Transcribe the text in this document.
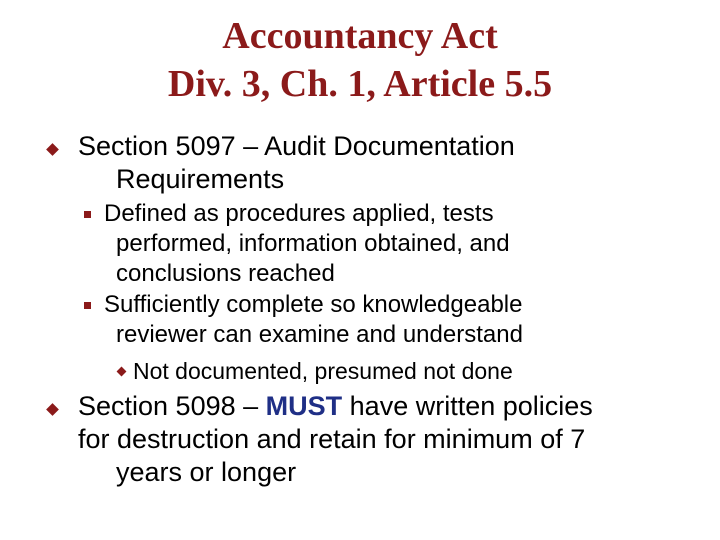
Accountancy Act
Div. 3, Ch. 1, Article 5.5
Section 5097 – Audit Documentation
Requirements
Defined as procedures applied, tests
performed, information obtained, and
conclusions reached
Sufficiently complete so knowledgeable
reviewer can examine and understand
Not documented, presumed not done
Section 5098 – MUST have written policies
for destruction and retain for minimum of 7
years or longer
